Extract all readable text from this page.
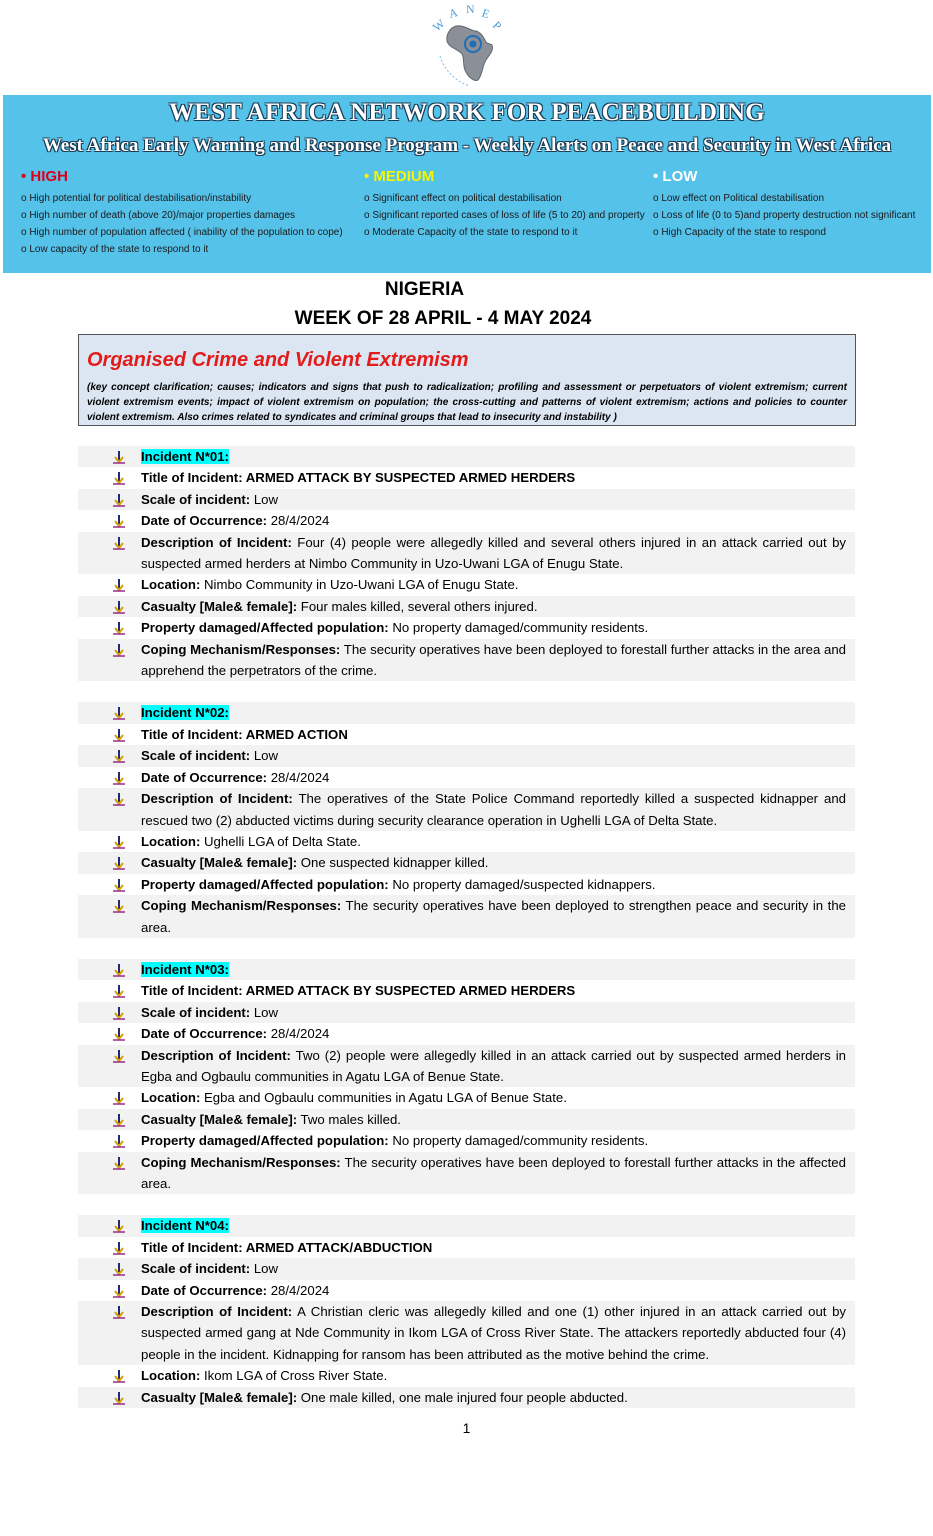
W
A N E
P
WEST AFRICA NETWORK FOR PEACEBUILDING
West Africa Early Warning and Response Program - Weekly Alerts on Peace and Security in West Africa
• HIGH
o High potential for political destabilisation/instability
o High number of death (above 20)/major properties damages
o High number of population affected ( inability of the population to cope)
o Low capacity of the state to respond to it
• MEDIUM
o Significant effect on political destabilisation
o Significant reported cases of loss of life (5 to 20) and property
o Moderate Capacity of the state to respond to it
• LOW
o Low effect on Political destabilisation
o Loss of life (0 to 5)and property destruction not significant
o High Capacity of the state to respond
NIGERIA
WEEK OF 28 APRIL - 4 MAY 2024
Organised Crime and Violent Extremism
(key concept clarification; causes; indicators and signs that push to radicalization; profiling and assessment or perpetuators of violent extremism; current violent extremism events; impact of violent extremism on population; the cross-cutting and patterns of violent extremism; actions and policies to counter violent extremism. Also crimes related to syndicates and criminal groups that lead to insecurity and instability )
Incident N*01:
Title of Incident: ARMED ATTACK BY SUSPECTED ARMED HERDERS
Scale of incident: Low
Date of Occurrence: 28/4/2024
Description of Incident: Four (4) people were allegedly killed and several others injured in an attack carried out by suspected armed herders at Nimbo Community in Uzo-Uwani LGA of Enugu State.
Location: Nimbo Community in Uzo-Uwani LGA of Enugu State.
Casualty [Male& female]: Four males killed, several others injured.
Property damaged/Affected population: No property damaged/community residents.
Coping Mechanism/Responses: The security operatives have been deployed to forestall further attacks in the area and apprehend the perpetrators of the crime.
Incident N*02:
Title of Incident: ARMED ACTION
Scale of incident: Low
Date of Occurrence: 28/4/2024
Description of Incident: The operatives of the State Police Command reportedly killed a suspected kidnapper and rescued two (2) abducted victims during security clearance operation in Ughelli LGA of Delta State.
Location: Ughelli LGA of Delta State.
Casualty [Male& female]: One suspected kidnapper killed.
Property damaged/Affected population: No property damaged/suspected kidnappers.
Coping Mechanism/Responses: The security operatives have been deployed to strengthen peace and security in the area.
Incident N*03:
Title of Incident: ARMED ATTACK BY SUSPECTED ARMED HERDERS
Scale of incident: Low
Date of Occurrence: 28/4/2024
Description of Incident: Two (2) people were allegedly killed in an attack carried out by suspected armed herders in Egba and Ogbaulu communities in Agatu LGA of Benue State.
Location: Egba and Ogbaulu communities in Agatu LGA of Benue State.
Casualty [Male& female]: Two males killed.
Property damaged/Affected population: No property damaged/community residents.
Coping Mechanism/Responses: The security operatives have been deployed to forestall further attacks in the affected area.
Incident N*04:
Title of Incident: ARMED ATTACK/ABDUCTION
Scale of incident: Low
Date of Occurrence: 28/4/2024
Description of Incident: A Christian cleric was allegedly killed and one (1) other injured in an attack carried out by suspected armed gang at Nde Community in Ikom LGA of Cross River State. The attackers reportedly abducted four (4) people in the incident. Kidnapping for ransom has been attributed as the motive behind the crime.
Location: Ikom LGA of Cross River State.
Casualty [Male& female]: One male killed, one male injured four people abducted.
1
